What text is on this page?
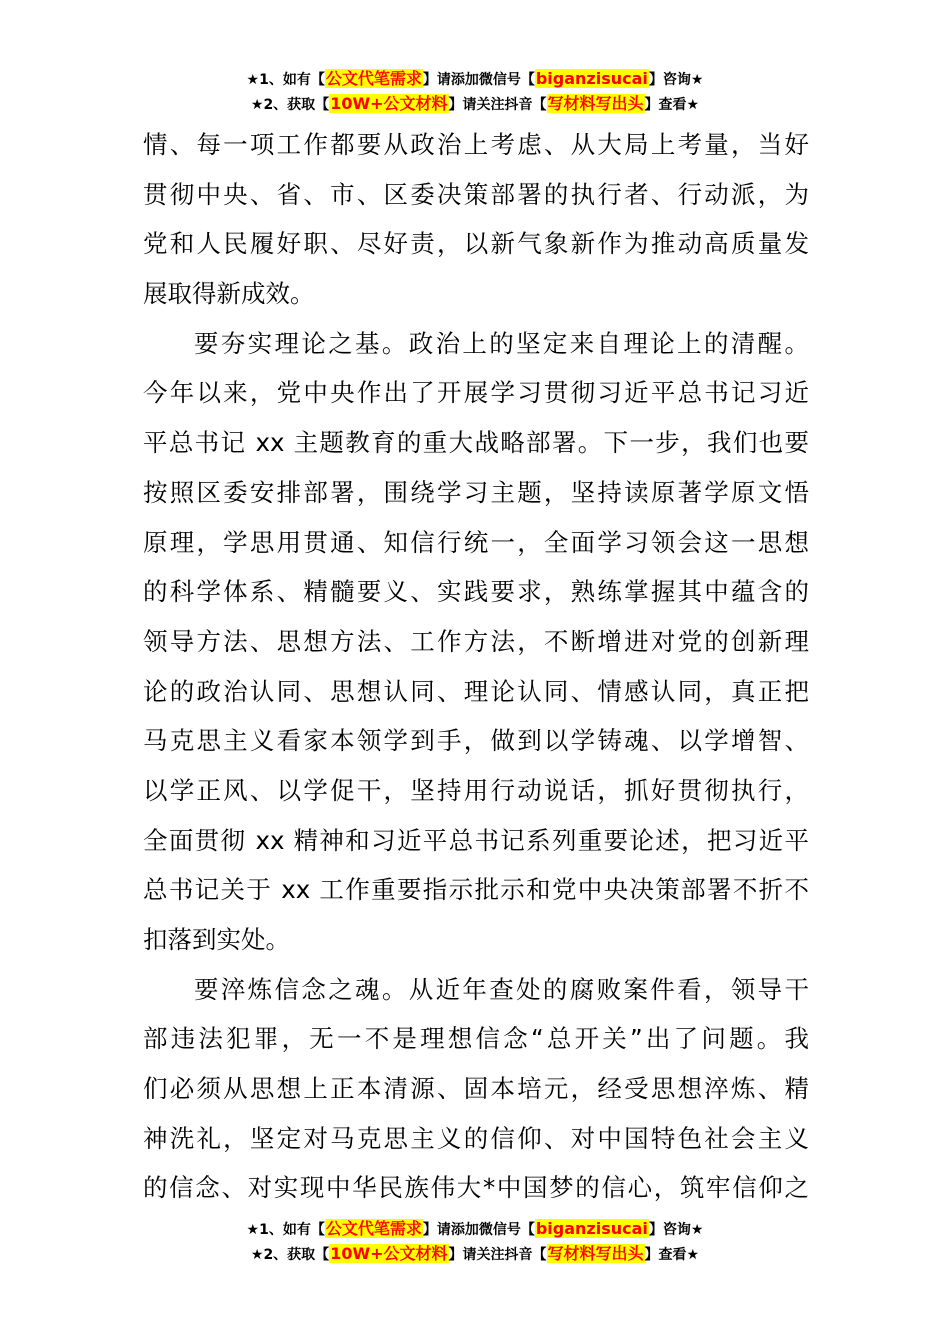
★1、如有【公文代笔需求】请添加微信号【biganzisucai】咨询★
★2、获取【10W+公文材料】请关注抖音【写材料写出头】查看★
情、每一项工作都要从政治上考虑、从大局上考量，当好
贯彻中央、省、市、区委决策部署的执行者、行动派，为
党和人民履好职、尽好责，以新气象新作为推动高质量发
展取得新成效。
要夯实理论之基。政治上的坚定来自理论上的清醒。
今年以来，党中央作出了开展学习贯彻习近平总书记习近
平总书记 xx 主题教育的重大战略部署。下一步，我们也要
按照区委安排部署，围绕学习主题，坚持读原著学原文悟
原理，学思用贯通、知信行统一，全面学习领会这一思想
的科学体系、精髓要义、实践要求，熟练掌握其中蕴含的
领导方法、思想方法、工作方法，不断增进对党的创新理
论的政治认同、思想认同、理论认同、情感认同，真正把
马克思主义看家本领学到手，做到以学铸魂、以学增智、
以学正风、以学促干，坚持用行动说话，抓好贯彻执行，
全面贯彻 xx 精神和习近平总书记系列重要论述，把习近平
总书记关于 xx 工作重要指示批示和党中央决策部署不折不
扣落到实处。
要淬炼信念之魂。从近年查处的腐败案件看，领导干
部违法犯罪，无一不是理想信念“总开关”出了问题。我
们必须从思想上正本清源、固本培元，经受思想淬炼、精
神洗礼，坚定对马克思主义的信仰、对中国特色社会主义
的信念、对实现中华民族伟大*中国梦的信心，筑牢信仰之
★1、如有【公文代笔需求】请添加微信号【biganzisucai】咨询★
★2、获取【10W+公文材料】请关注抖音【写材料写出头】查看★
